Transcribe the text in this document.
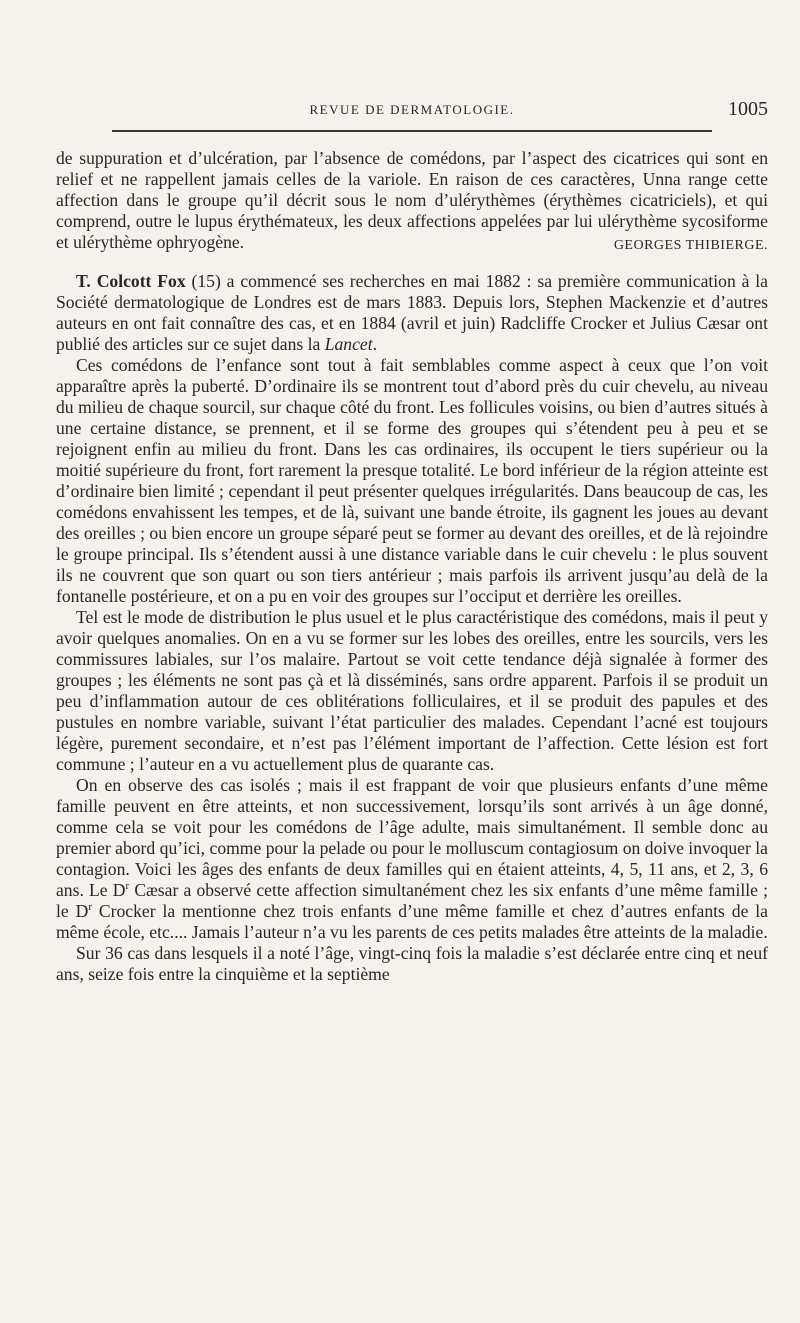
REVUE DE DERMATOLOGIE.	1005

de suppuration et d’ulcération, par l’absence de comédons, par l’aspect des cicatrices qui sont en relief et ne rappellent jamais celles de la variole. En raison de ces caractères, Unna range cette affection dans le groupe qu’il décrit sous le nom d’ulérythèmes (érythèmes cicatriciels), et qui comprend, outre le lupus érythémateux, les deux affections appelées par lui ulérythème sycosiforme et ulérythème ophryogène.	GEORGES THIBIERGE.

T. Colcott Fox (15) a commencé ses recherches en mai 1882 : sa première communication à la Société dermatologique de Londres est de mars 1883. Depuis lors, Stephen Mackenzie et d’autres auteurs en ont fait connaître des cas, et en 1884 (avril et juin) Radcliffe Crocker et Julius Cæsar ont publié des articles sur ce sujet dans la Lancet.

Ces comédons de l’enfance sont tout à fait semblables comme aspect à ceux que l’on voit apparaître après la puberté. D’ordinaire ils se montrent tout d’abord près du cuir chevelu, au niveau du milieu de chaque sourcil, sur chaque côté du front. Les follicules voisins, ou bien d’autres situés à une certaine distance, se prennent, et il se forme des groupes qui s’étendent peu à peu et se rejoignent enfin au milieu du front. Dans les cas ordinaires, ils occupent le tiers supérieur ou la moitié supérieure du front, fort rarement la presque totalité. Le bord inférieur de la région atteinte est d’ordinaire bien limité ; cependant il peut présenter quelques irrégularités. Dans beaucoup de cas, les comédons envahissent les tempes, et de là, suivant une bande étroite, ils gagnent les joues au devant des oreilles ; ou bien encore un groupe séparé peut se former au devant des oreilles, et de là rejoindre le groupe principal. Ils s’étendent aussi à une distance variable dans le cuir chevelu : le plus souvent ils ne couvrent que son quart ou son tiers antérieur ; mais parfois ils arrivent jusqu’au delà de la fontanelle postérieure, et on a pu en voir des groupes sur l’occiput et derrière les oreilles.

Tel est le mode de distribution le plus usuel et le plus caractéristique des comédons, mais il peut y avoir quelques anomalies. On en a vu se former sur les lobes des oreilles, entre les sourcils, vers les commissures labiales, sur l’os malaire. Partout se voit cette tendance déjà signalée à former des groupes ; les éléments ne sont pas çà et là disséminés, sans ordre apparent. Parfois il se produit un peu d’inflammation autour de ces oblitérations folliculaires, et il se produit des papules et des pustules en nombre variable, suivant l’état particulier des malades. Cependant l’acné est toujours légère, purement secondaire, et n’est pas l’élément important de l’affection. Cette lésion est fort commune ; l’auteur en a vu actuellement plus de quarante cas.

On en observe des cas isolés ; mais il est frappant de voir que plusieurs enfants d’une même famille peuvent en être atteints, et non successivement, lorsqu’ils sont arrivés à un âge donné, comme cela se voit pour les comédons de l’âge adulte, mais simultanément. Il semble donc au premier abord qu’ici, comme pour la pelade ou pour le molluscum contagiosum on doive invoquer la contagion. Voici les âges des enfants de deux familles qui en étaient atteints, 4, 5, 11 ans, et 2, 3, 6 ans. Le $D^r$ Cæsar a observé cette affection simultanément chez les six enfants d’une même famille ; le $D^r$ Crocker la mentionne chez trois enfants d’une même famille et chez d’autres enfants de la même école, etc.... Jamais l’auteur n’a vu les parents de ces petits malades être atteints de la maladie.

Sur 36 cas dans lesquels il a noté l’âge, vingt-cinq fois la maladie s’est déclarée entre cinq et neuf ans, seize fois entre la cinquième et la septième
